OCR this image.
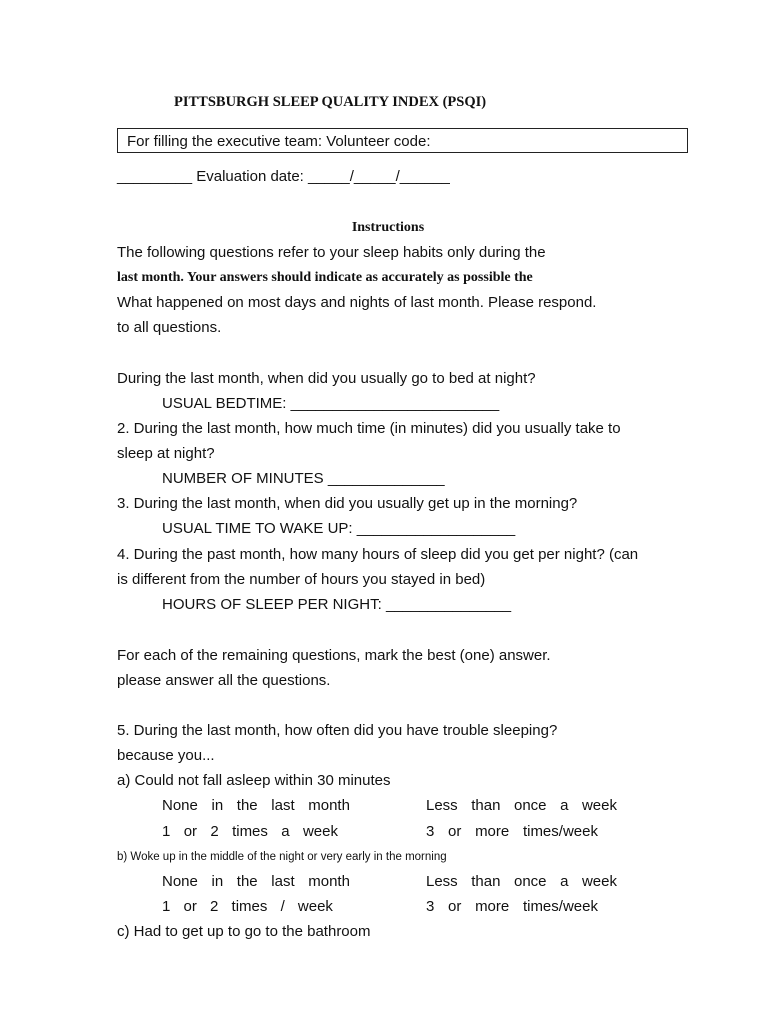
PITTSBURGH SLEEP QUALITY INDEX (PSQI)
For filling the executive team: Volunteer code:
_________ Evaluation date: _____/_____/______
Instructions
The following questions refer to your sleep habits only during the
last month. Your answers should indicate as accurately as possible the
What happened on most days and nights of last month. Please respond.
to all questions.
During the last month, when did you usually go to bed at night?
USUAL BEDTIME: _________________________
2. During the last month, how much time (in minutes) did you usually take to
sleep at night?
NUMBER OF MINUTES ______________
3. During the last month, when did you usually get up in the morning?
USUAL TIME TO WAKE UP: ___________________
4. During the past month, how many hours of sleep did you get per night? (can
is different from the number of hours you stayed in bed)
HOURS OF SLEEP PER NIGHT: _______________
For each of the remaining questions, mark the best (one) answer.
please answer all the questions.
5. During the last month, how often did you have trouble sleeping?
because you...
a) Could not fall asleep within 30 minutes
None in the last month	Less than once a week
1 or 2 times a week	3 or more times/week
b) Woke up in the middle of the night or very early in the morning
None in the last month	Less than once a week
1 or 2 times / week	3 or more times/week
c) Had to get up to go to the bathroom
